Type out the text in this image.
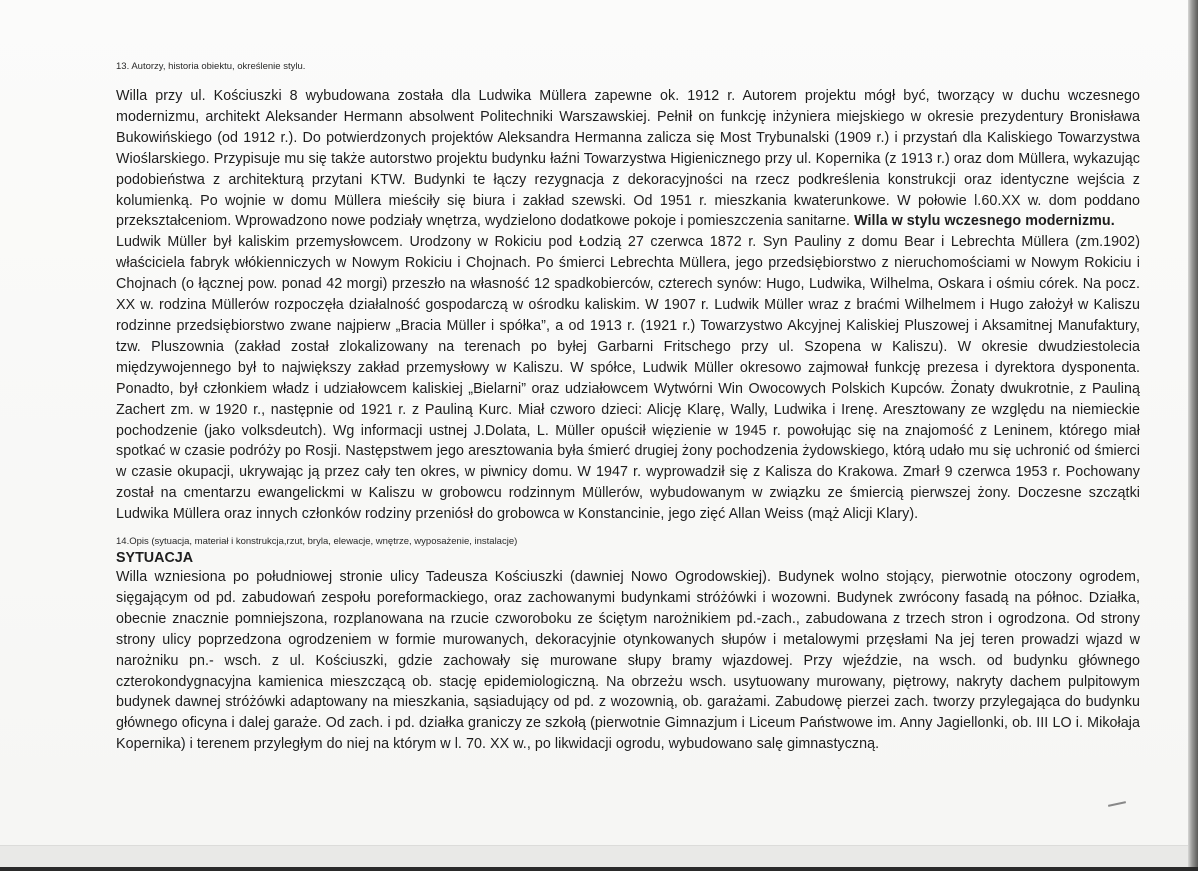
13. Autorzy, historia obiektu, określenie stylu.

Willa przy ul. Kościuszki 8 wybudowana została dla Ludwika Müllera zapewne ok. 1912 r. Autorem projektu mógł być, tworzący w duchu wczesnego modernizmu, architekt Aleksander Hermann absolwent Politechniki Warszawskiej. Pełnił on funkcję inżyniera miejskiego w okresie prezydentury Bronisława Bukowińskiego (od 1912 r.). Do potwierdzonych projektów Aleksandra Hermanna zalicza się Most Trybunalski (1909 r.) i przystań dla Kaliskiego Towarzystwa Wioślarskiego. Przypisuje mu się także autorstwo projektu budynku łaźni Towarzystwa Higienicznego przy ul. Kopernika (z 1913 r.) oraz dom Müllera, wykazując podobieństwa z architekturą przytani KTW. Budynki te łączy rezygnacja z dekoracyjności na rzecz podkreślenia konstrukcji oraz identyczne wejścia z kolumienką. Po wojnie w domu Müllera mieściły się biura i zakład szewski. Od 1951 r. mieszkania kwaterunkowe. W połowie l.60.XX w. dom poddano przekształceniom. Wprowadzono nowe podziały wnętrza, wydzielono dodatkowe pokoje i pomieszczenia sanitarne. Willa w stylu wczesnego modernizmu.

Ludwik Müller był kaliskim przemysłowcem. Urodzony w Rokiciu pod Łodzią 27 czerwca 1872 r. Syn Pauliny z domu Bear i Lebrechta Müllera (zm.1902) właściciela fabryk włókienniczych w Nowym Rokiciu i Chojnach. Po śmierci Lebrechta Müllera, jego przedsiębiorstwo z nieruchomościami w Nowym Rokiciu i Chojnach (o łącznej pow. ponad 42 morgi) przeszło na własność 12 spadkobierców, czterech synów: Hugo, Ludwika, Wilhelma, Oskara i ośmiu córek. Na pocz. XX w. rodzina Müllerów rozpoczęła działalność gospodarczą w ośrodku kaliskim. W 1907 r. Ludwik Müller wraz z braćmi Wilhelmem i Hugo założył w Kaliszu rodzinne przedsiębiorstwo zwane najpierw „Bracia Müller i spółka”, a od 1913 r. (1921 r.) Towarzystwo Akcyjnej Kaliskiej Pluszowej i Aksamitnej Manufaktury, tzw. Pluszownia (zakład został zlokalizowany na terenach po byłej Garbarni Fritschego przy ul. Szopena w Kaliszu). W okresie dwudziestolecia międzywojennego był to największy zakład przemysłowy w Kaliszu. W spółce, Ludwik Müller okresowo zajmował funkcję prezesa i dyrektora dysponenta. Ponadto, był członkiem władz i udziałowcem kaliskiej „Bielarni” oraz udziałowcem Wytwórni Win Owocowych Polskich Kupców. Żonaty dwukrotnie, z Pauliną Zachert zm. w 1920 r., następnie od 1921 r. z Pauliną Kurc. Miał czworo dzieci: Alicję Klarę, Wally, Ludwika i Irenę. Aresztowany ze względu na niemieckie pochodzenie (jako volksdeutch). Wg informacji ustnej J.Dolata, L. Müller opuścił więzienie w 1945 r. powołując się na znajomość z Leninem, którego miał spotkać w czasie podróży po Rosji. Następstwem jego aresztowania była śmierć drugiej żony pochodzenia żydowskiego, którą udało mu się uchronić od śmierci w czasie okupacji, ukrywając ją przez cały ten okres, w piwnicy domu. W 1947 r. wyprowadził się z Kalisza do Krakowa. Zmarł 9 czerwca 1953 r. Pochowany został na cmentarzu ewangelickmi w Kaliszu w grobowcu rodzinnym Müllerów, wybudowanym w związku ze śmiercią pierwszej żony. Doczesne szczątki Ludwika Müllera oraz innych członków rodziny przeniósł do grobowca w Konstancinie, jego zięć Allan Weiss (mąż Alicji Klary).

14.Opis (sytuacja, materiał i konstrukcja,rzut, bryla, elewacje, wnętrze, wyposażenie, instalacje)
SYTUACJA

Willa wzniesiona po południowej stronie ulicy Tadeusza Kościuszki (dawniej Nowo Ogrodowskiej). Budynek wolno stojący, pierwotnie otoczony ogrodem, sięgającym od pd. zabudowań zespołu poreformackiego, oraz zachowanymi budynkami stróżówki i wozowni. Budynek zwrócony fasadą na północ. Działka, obecnie znacznie pomniejszona, rozplanowana na rzucie czworoboku ze ściętym narożnikiem pd.-zach., zabudowana z trzech stron i ogrodzona. Od strony strony ulicy poprzedzona ogrodzeniem w formie murowanych, dekoracyjnie otynkowanych słupów i metalowymi przęsłami Na jej teren prowadzi wjazd w narożniku pn.- wsch. z ul. Kościuszki, gdzie zachowały się murowane słupy bramy wjazdowej. Przy wjeździe, na wsch. od budynku głównego czterokondygnacyjna kamienica mieszczącą ob. stację epidemiologiczną. Na obrzeżu wsch. usytuowany murowany, piętrowy, nakryty dachem pulpitowym budynek dawnej stróżówki adaptowany na mieszkania, sąsiadujący od pd. z wozownią, ob. garażami. Zabudowę pierzei zach. tworzy przylegająca do budynku głównego oficyna i dalej garaże. Od zach. i pd. działka graniczy ze szkołą (pierwotnie Gimnazjum i Liceum Państwowe im. Anny Jagiellonki, ob. III LO i. Mikołaja Kopernika) i terenem przyległym do niej na którym w l. 70. XX w., po likwidacji ogrodu, wybudowano salę gimnastyczną.
